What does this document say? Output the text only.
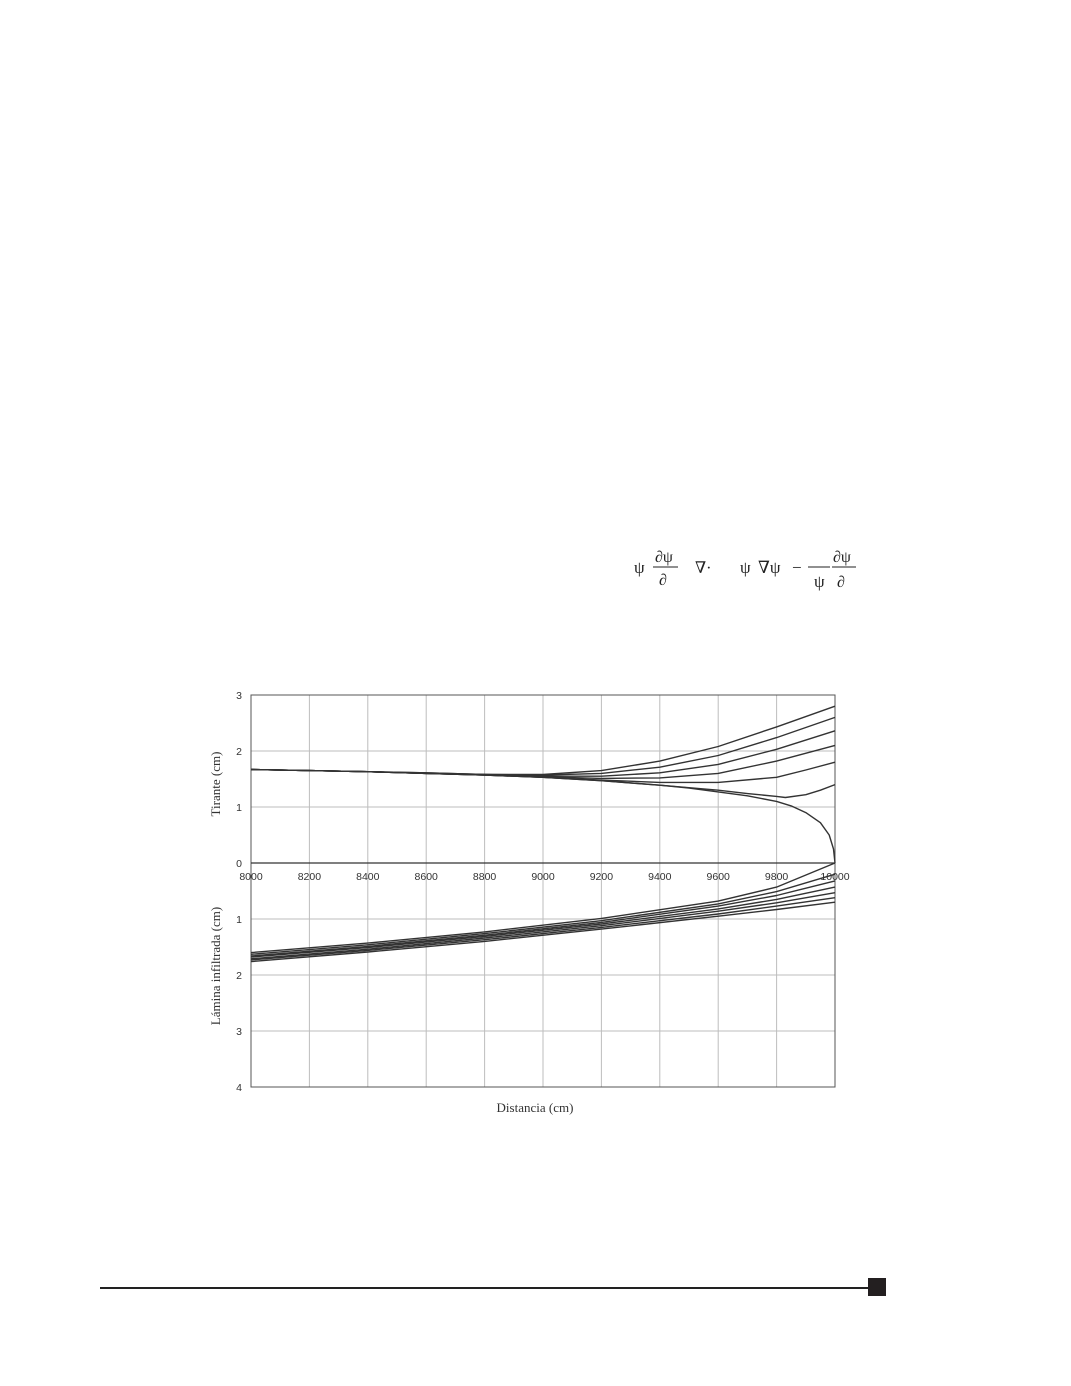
ψ
∂ψ
∂
∇· ψ ∇ψ −
ψ
∂ψ
∂
8000	8200	8400	8600	8800	9000	9200	9400	9600	9800	10000
0
1
2
3
1
2
3
4
Distancia (cm)
Tirante (cm)
Lámina infiltrada (cm)
